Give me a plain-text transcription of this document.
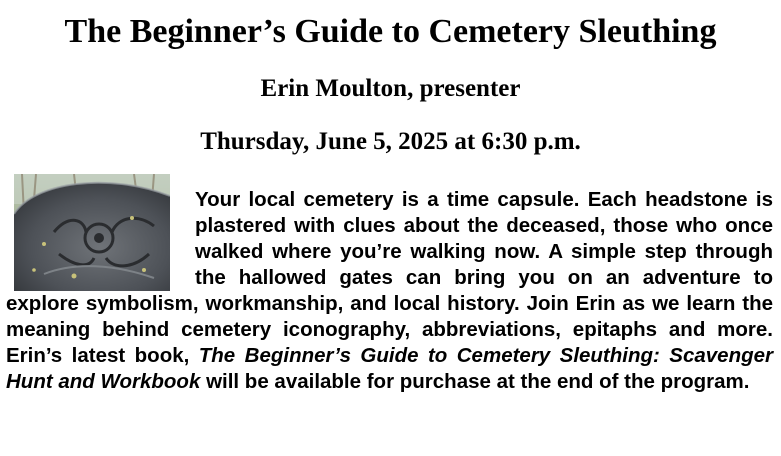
The Beginner’s Guide to Cemetery Sleuthing
Erin Moulton, presenter
Thursday, June 5, 2025 at 6:30 p.m.

Your local cemetery is a time capsule. Each headstone is plastered with clues about the deceased, those who once walked where you’re walking now. A simple step through the hallowed gates can bring you on an adventure to explore symbolism, workmanship, and local history. Join Erin as we learn the meaning behind cemetery iconography, abbreviations, epitaphs and more. Erin’s latest book, The Beginner’s Guide to Cemetery Sleuthing: Scavenger Hunt and Workbook will be available for purchase at the end of the program.
